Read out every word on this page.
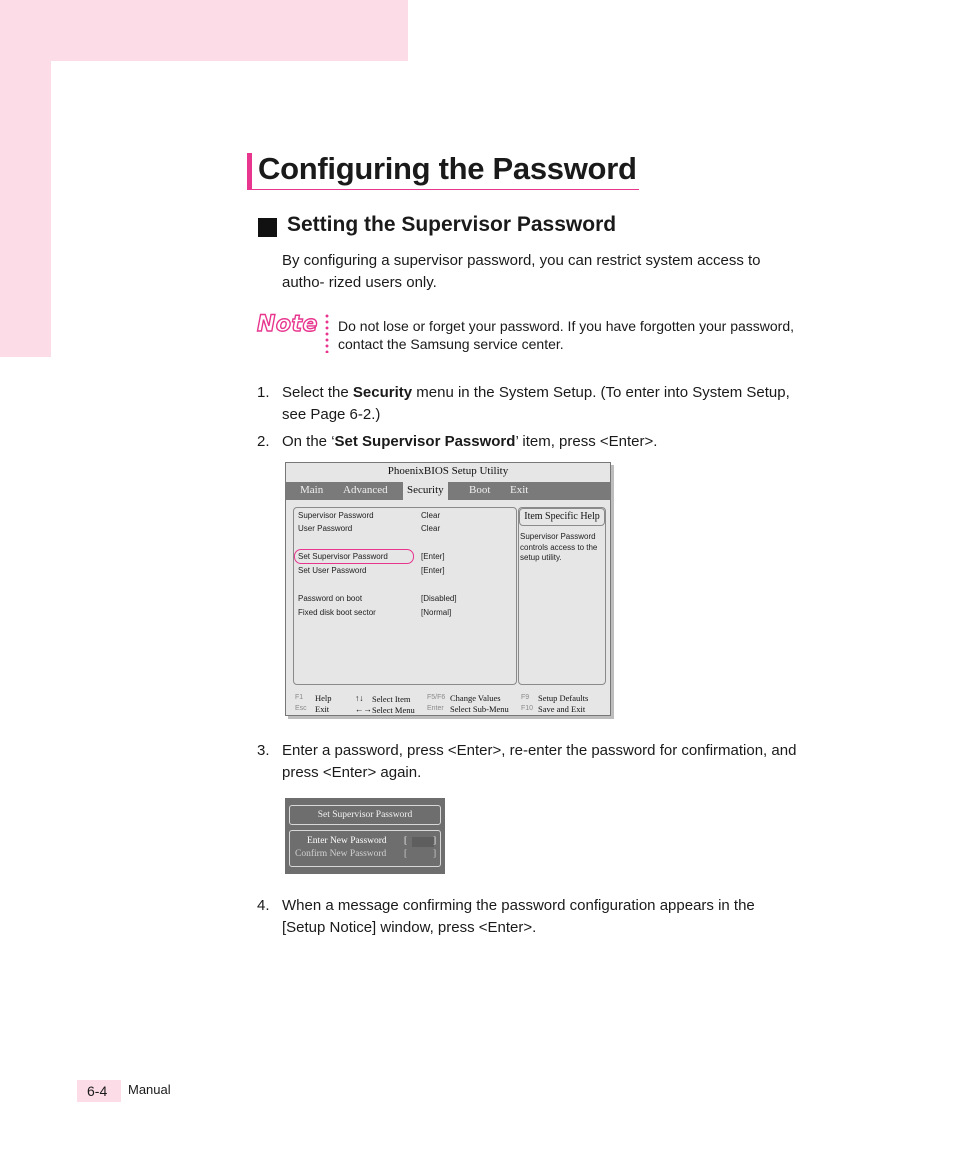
Configuring the Password
Setting the Supervisor Password
By configuring a supervisor password, you can restrict system access to autho- rized users only.
Note Do not lose or forget your password. If you have forgotten your password, contact the Samsung service center.
1. Select the Security menu in the System Setup. (To enter into System Setup, see Page 6-2.)
2. On the ‘Set Supervisor Password’ item, press <Enter>.
PhoenixBIOS Setup Utility
Main Advanced	Security	Boot Exit
Supervisor Password	Clear
User Password	Clear
Set Supervisor Password	[Enter]
Set User Password	[Enter]
Password on boot	[Disabled]
Fixed disk boot sector	[Normal]
Item Specific Help
Supervisor Password controls access to the setup utility.
F1 Help	↑↓ Select Item F5/F6 Change Values	F9 Setup Defaults
Esc Exit	←→ Select Menu Enter Select Sub-Menu F10 Save and Exit
3. Enter a password, press <Enter>, re-enter the password for confirmation, and press <Enter> again.
Set Supervisor Password
Enter New Password [	]
Confirm New Password [	]
4. When a message confirming the password configuration appears in the [Setup Notice] window, press <Enter>.
6-4	Manual
